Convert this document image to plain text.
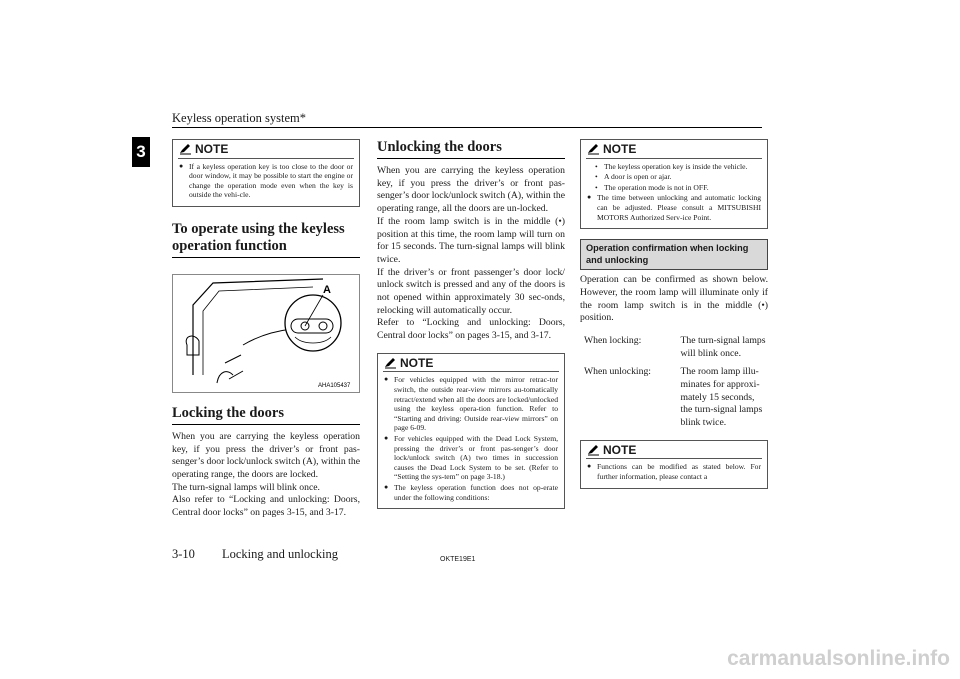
Keyless operation system*
3	NOTE
● If a keyless operation key is too close to the door or door window, it may be possible to start the engine or change the operation mode even when the key is outside the vehi-cle.
To operate using the keyless operation function
A
AHA105437
Locking the doors
When you are carrying the keyless operation key, if you press the driver’s or front pas-senger’s door lock/unlock switch (A), within the operating range, the doors are locked.
The turn-signal lamps will blink once.
Also refer to “Locking and unlocking: Doors, Central door locks” on pages 3-15, and 3-17.
Unlocking the doors
When you are carrying the keyless operation key, if you press the driver’s or front pas-senger’s door lock/unlock switch (A), within the operating range, all the doors are un-locked.
If the room lamp switch is in the middle (•) position at this time, the room lamp will turn on for 15 seconds. The turn-signal lamps will blink twice.
If the driver’s or front passenger’s door lock/ unlock switch is pressed and any of the doors is not opened within approximately 30 sec-onds, relocking will automatically occur.
Refer to “Locking and unlocking: Doors, Central door locks” on pages 3-15, and 3-17.
NOTE
● For vehicles equipped with the mirror retrac-tor switch, the outside rear-view mirrors au-tomatically retract/extend when all the doors are locked/unlocked using the keyless opera-tion function. Refer to “Starting and driving: Outside rear-view mirrors” on page 6-09.
● For vehicles equipped with the Dead Lock System, pressing the driver’s or front pas-senger’s door lock/unlock switch (A) two times in succession causes the Dead Lock System to be set. (Refer to “Setting the sys-tem” on page 3-18.)
● The keyless operation function does not op-erate under the following conditions:
NOTE
• The keyless operation key is inside the vehicle.
• A door is open or ajar.
• The operation mode is not in OFF.
● The time between unlocking and automatic locking can be adjusted. Please consult a MITSUBISHI MOTORS Authorized Serv-ice Point.
Operation confirmation when locking and unlocking
Operation can be confirmed as shown below. However, the room lamp will illuminate only if the room lamp switch is in the middle (•) position.
When locking:	The turn-signal lamps will blink once.
When unlocking:	The room lamp illu-minates for approxi-mately 15 seconds, the turn-signal lamps blink twice.
NOTE
● Functions can be modified as stated below. For further information, please contact a
3-10 Locking and unlocking	OKTE19E1
carmanualsonline.info
